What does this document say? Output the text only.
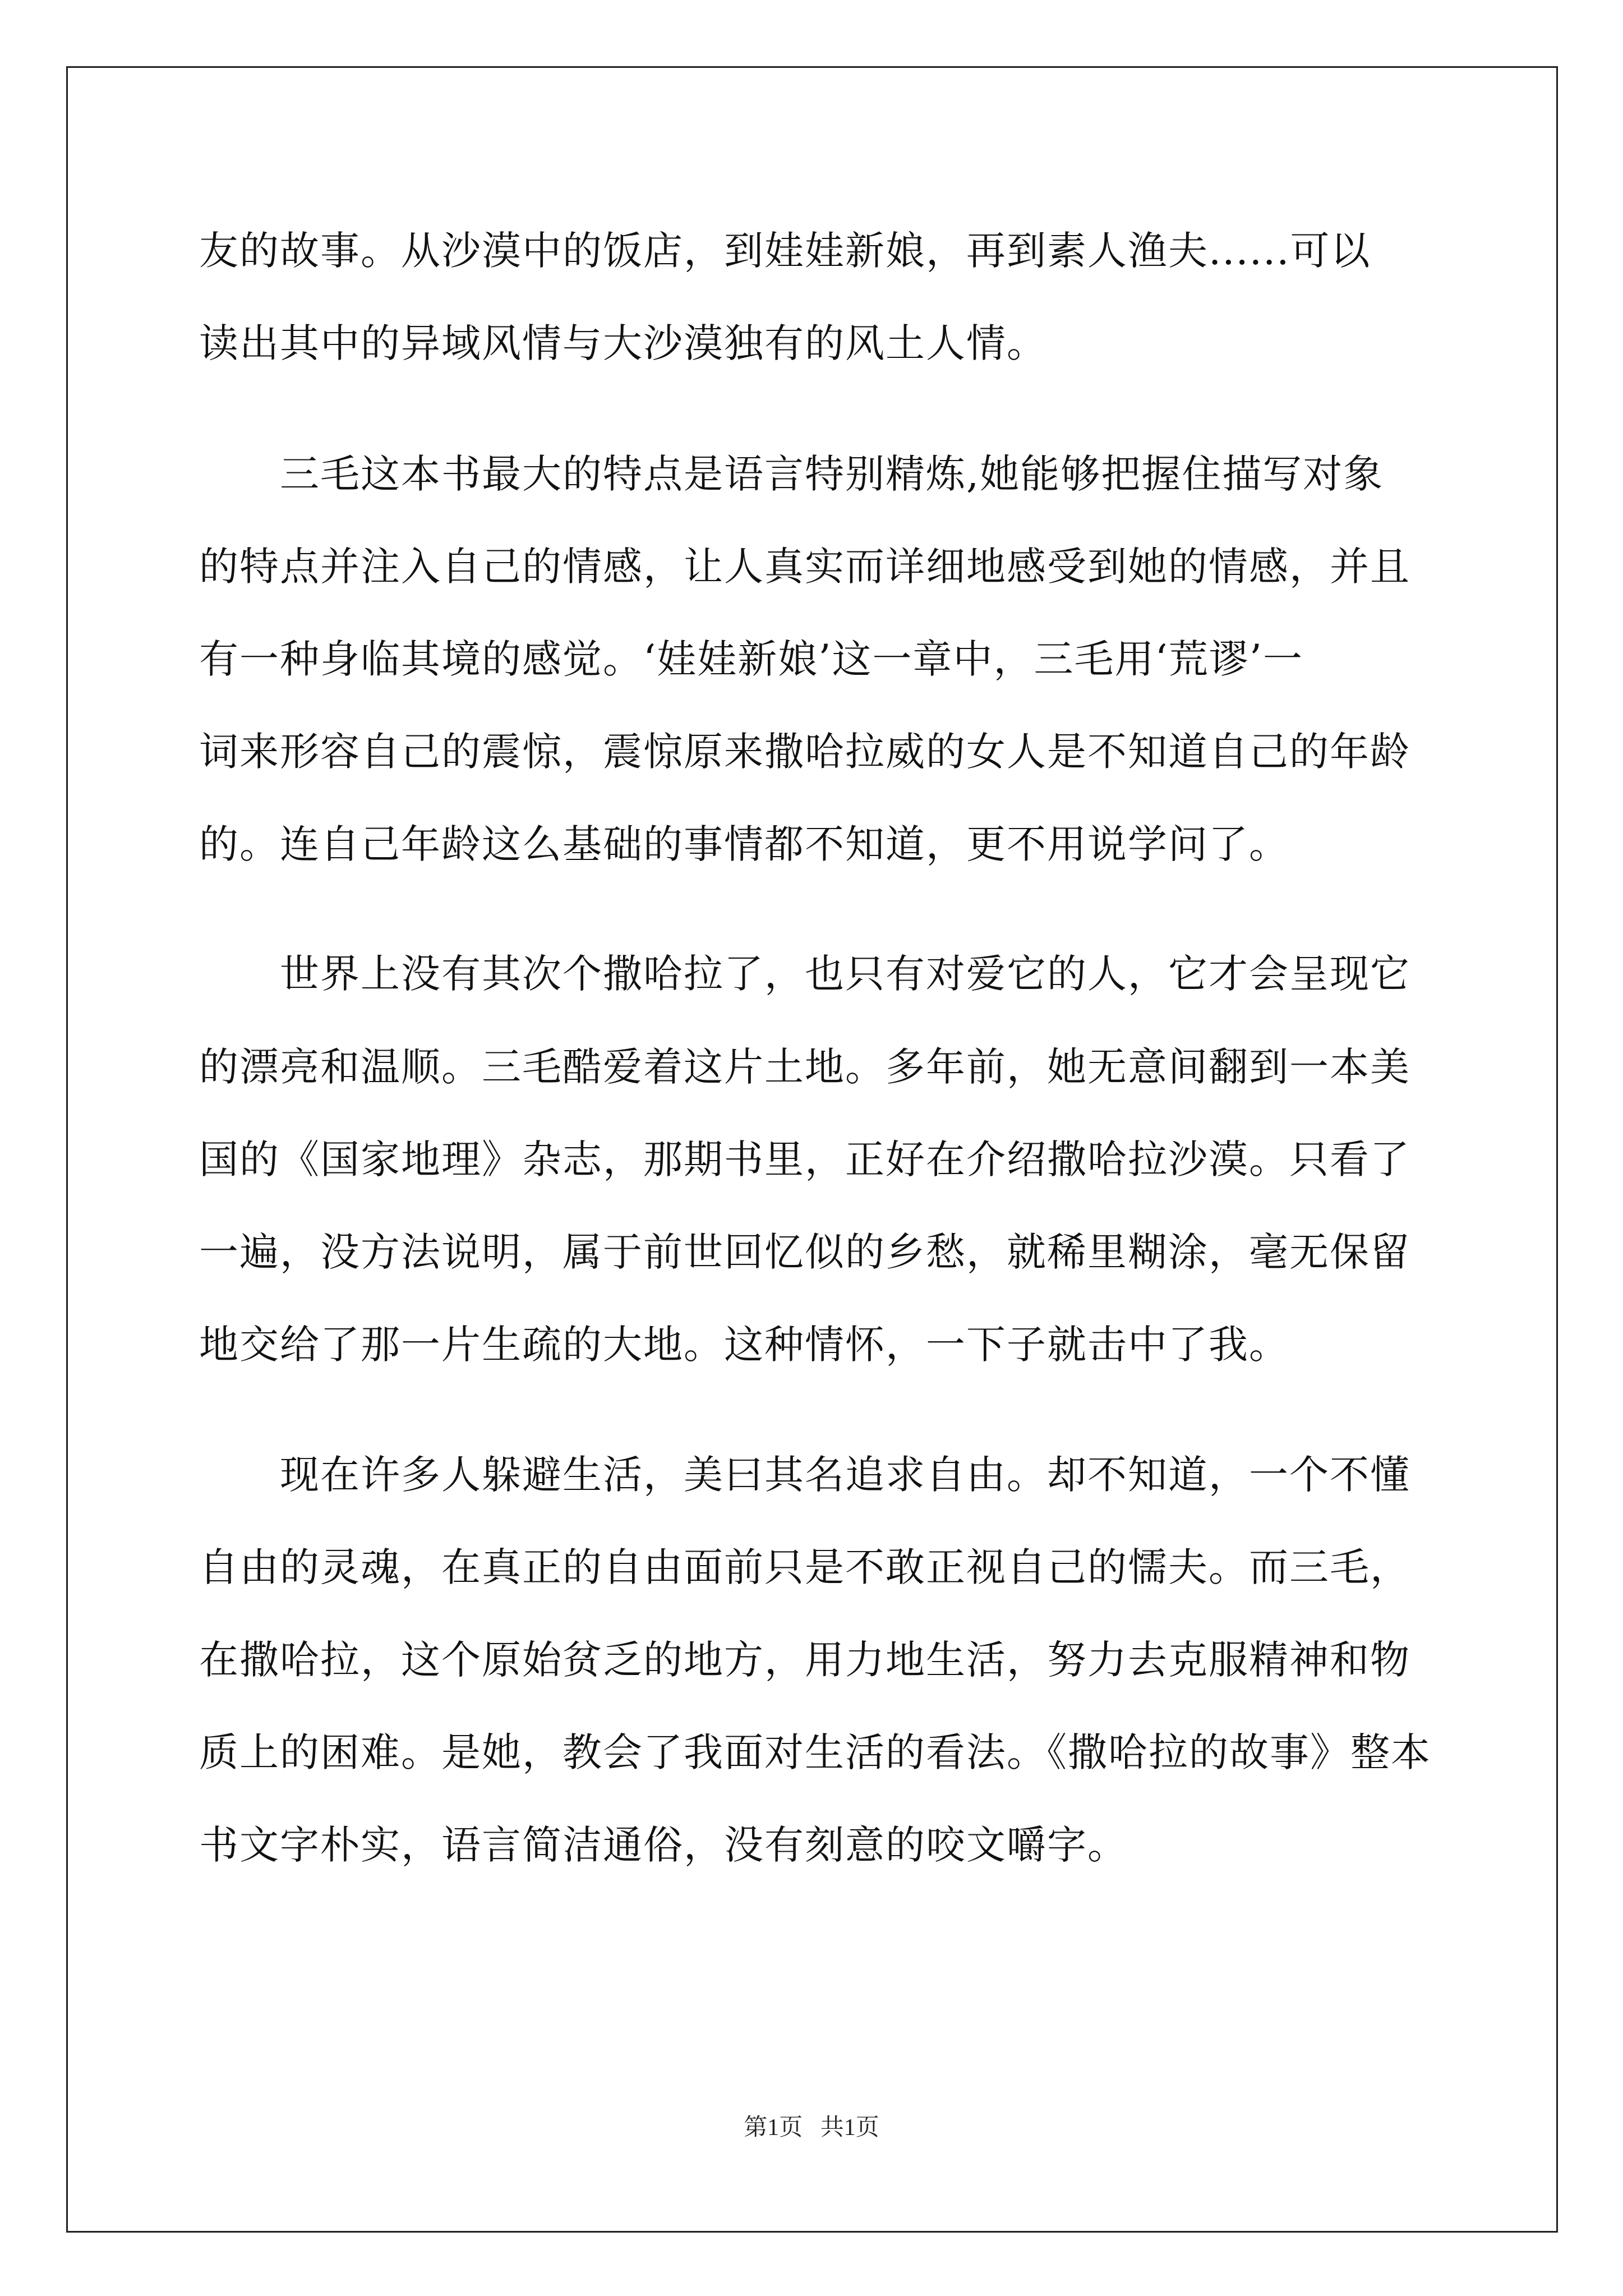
友的故事。从沙漠中的饭店，到娃娃新娘，再到素人渔夫......可以
读出其中的异域风情与大沙漠独有的风土人情。
　　三毛这本书最大的特点是语言特别精炼,她能够把握住描写对象
的特点并注入自己的情感，让人真实而详细地感受到她的情感，并且
有一种身临其境的感觉。‘娃娃新娘’这一章中，三毛用‘荒谬’一
词来形容自己的震惊，震惊原来撒哈拉威的女人是不知道自己的年龄
的。连自己年龄这么基础的事情都不知道，更不用说学问了。
　　世界上没有其次个撒哈拉了，也只有对爱它的人，它才会呈现它
的漂亮和温顺。三毛酷爱着这片土地。多年前，她无意间翻到一本美
国的《国家地理》杂志，那期书里，正好在介绍撒哈拉沙漠。只看了
一遍，没方法说明，属于前世回忆似的乡愁，就稀里糊涂，毫无保留
地交给了那一片生疏的大地。这种情怀，一下子就击中了我。
　　现在许多人躲避生活，美曰其名追求自由。却不知道，一个不懂
自由的灵魂，在真正的自由面前只是不敢正视自己的懦夫。而三毛，
在撒哈拉，这个原始贫乏的地方，用力地生活，努力去克服精神和物
质上的困难。是她，教会了我面对生活的看法。《撒哈拉的故事》整本
书文字朴实，语言简洁通俗，没有刻意的咬文嚼字。
第1页   共1页
